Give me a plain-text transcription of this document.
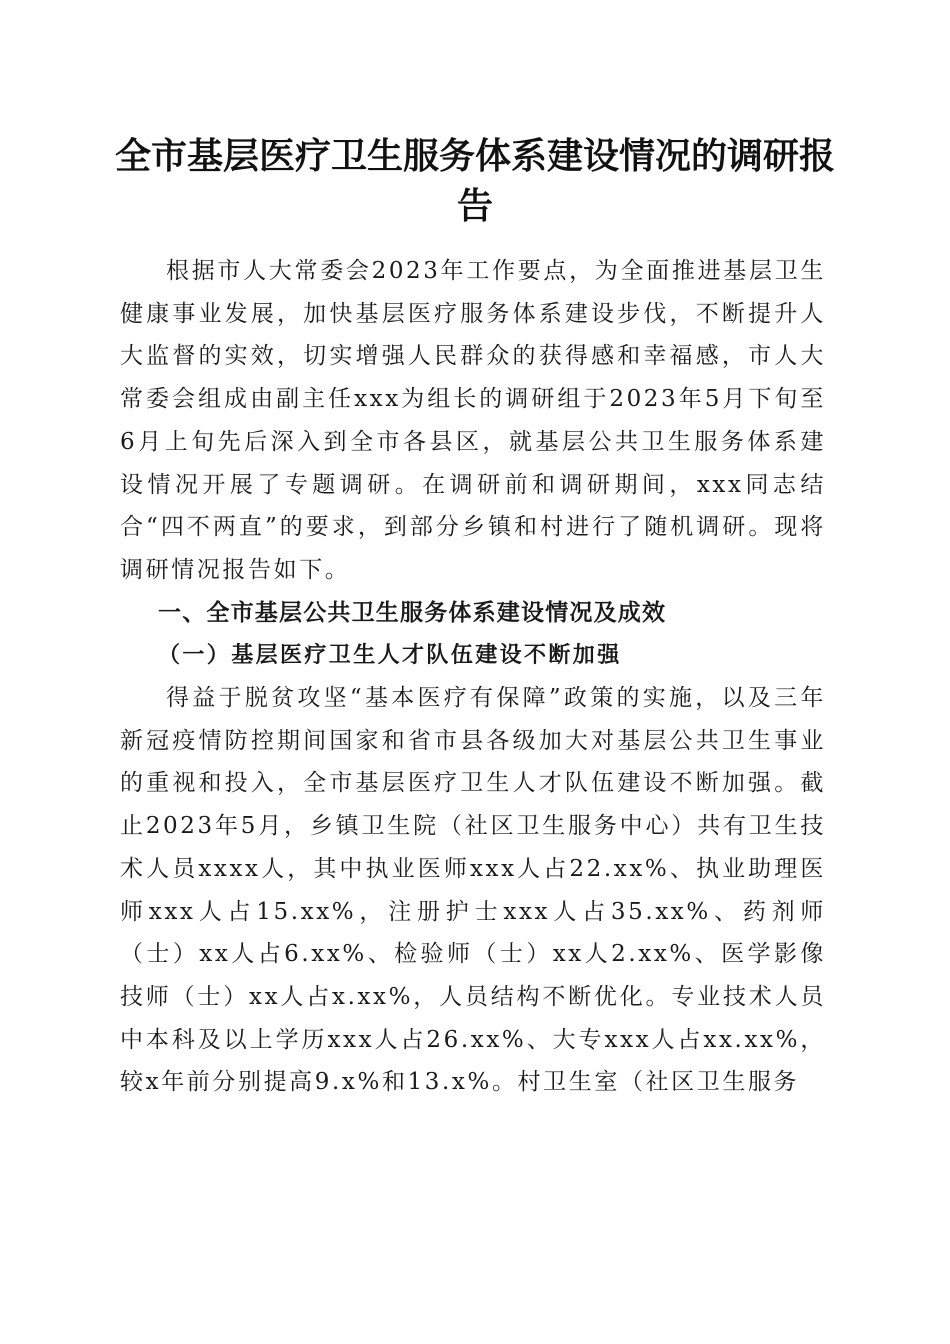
全市基层医疗卫生服务体系建设情况的调研报告

根据市人大常委会2023年工作要点，为全面推进基层卫生健康事业发展，加快基层医疗服务体系建设步伐，不断提升人大监督的实效，切实增强人民群众的获得感和幸福感，市人大常委会组成由副主任xxx为组长的调研组于2023年5月下旬至6月上旬先后深入到全市各县区，就基层公共卫生服务体系建设情况开展了专题调研。在调研前和调研期间，xxx同志结合“四不两直”的要求，到部分乡镇和村进行了随机调研。现将调研情况报告如下。

一、全市基层公共卫生服务体系建设情况及成效

（一）基层医疗卫生人才队伍建设不断加强

得益于脱贫攻坚“基本医疗有保障”政策的实施，以及三年新冠疫情防控期间国家和省市县各级加大对基层公共卫生事业的重视和投入，全市基层医疗卫生人才队伍建设不断加强。截止2023年5月，乡镇卫生院（社区卫生服务中心）共有卫生技术人员xxxx人，其中执业医师xxx人占22.xx%、执业助理医师xxx人占15.xx%，注册护士xxx人占35.xx%、药剂师（士）xx人占6.xx%、检验师（士）xx人2.xx%、医学影像技师（士）xx人占x.xx%，人员结构不断优化。专业技术人员中本科及以上学历xxx人占26.xx%、大专xxx人占xx.xx%，较x年前分别提高9.x%和13.x%。村卫生室（社区卫生服务
